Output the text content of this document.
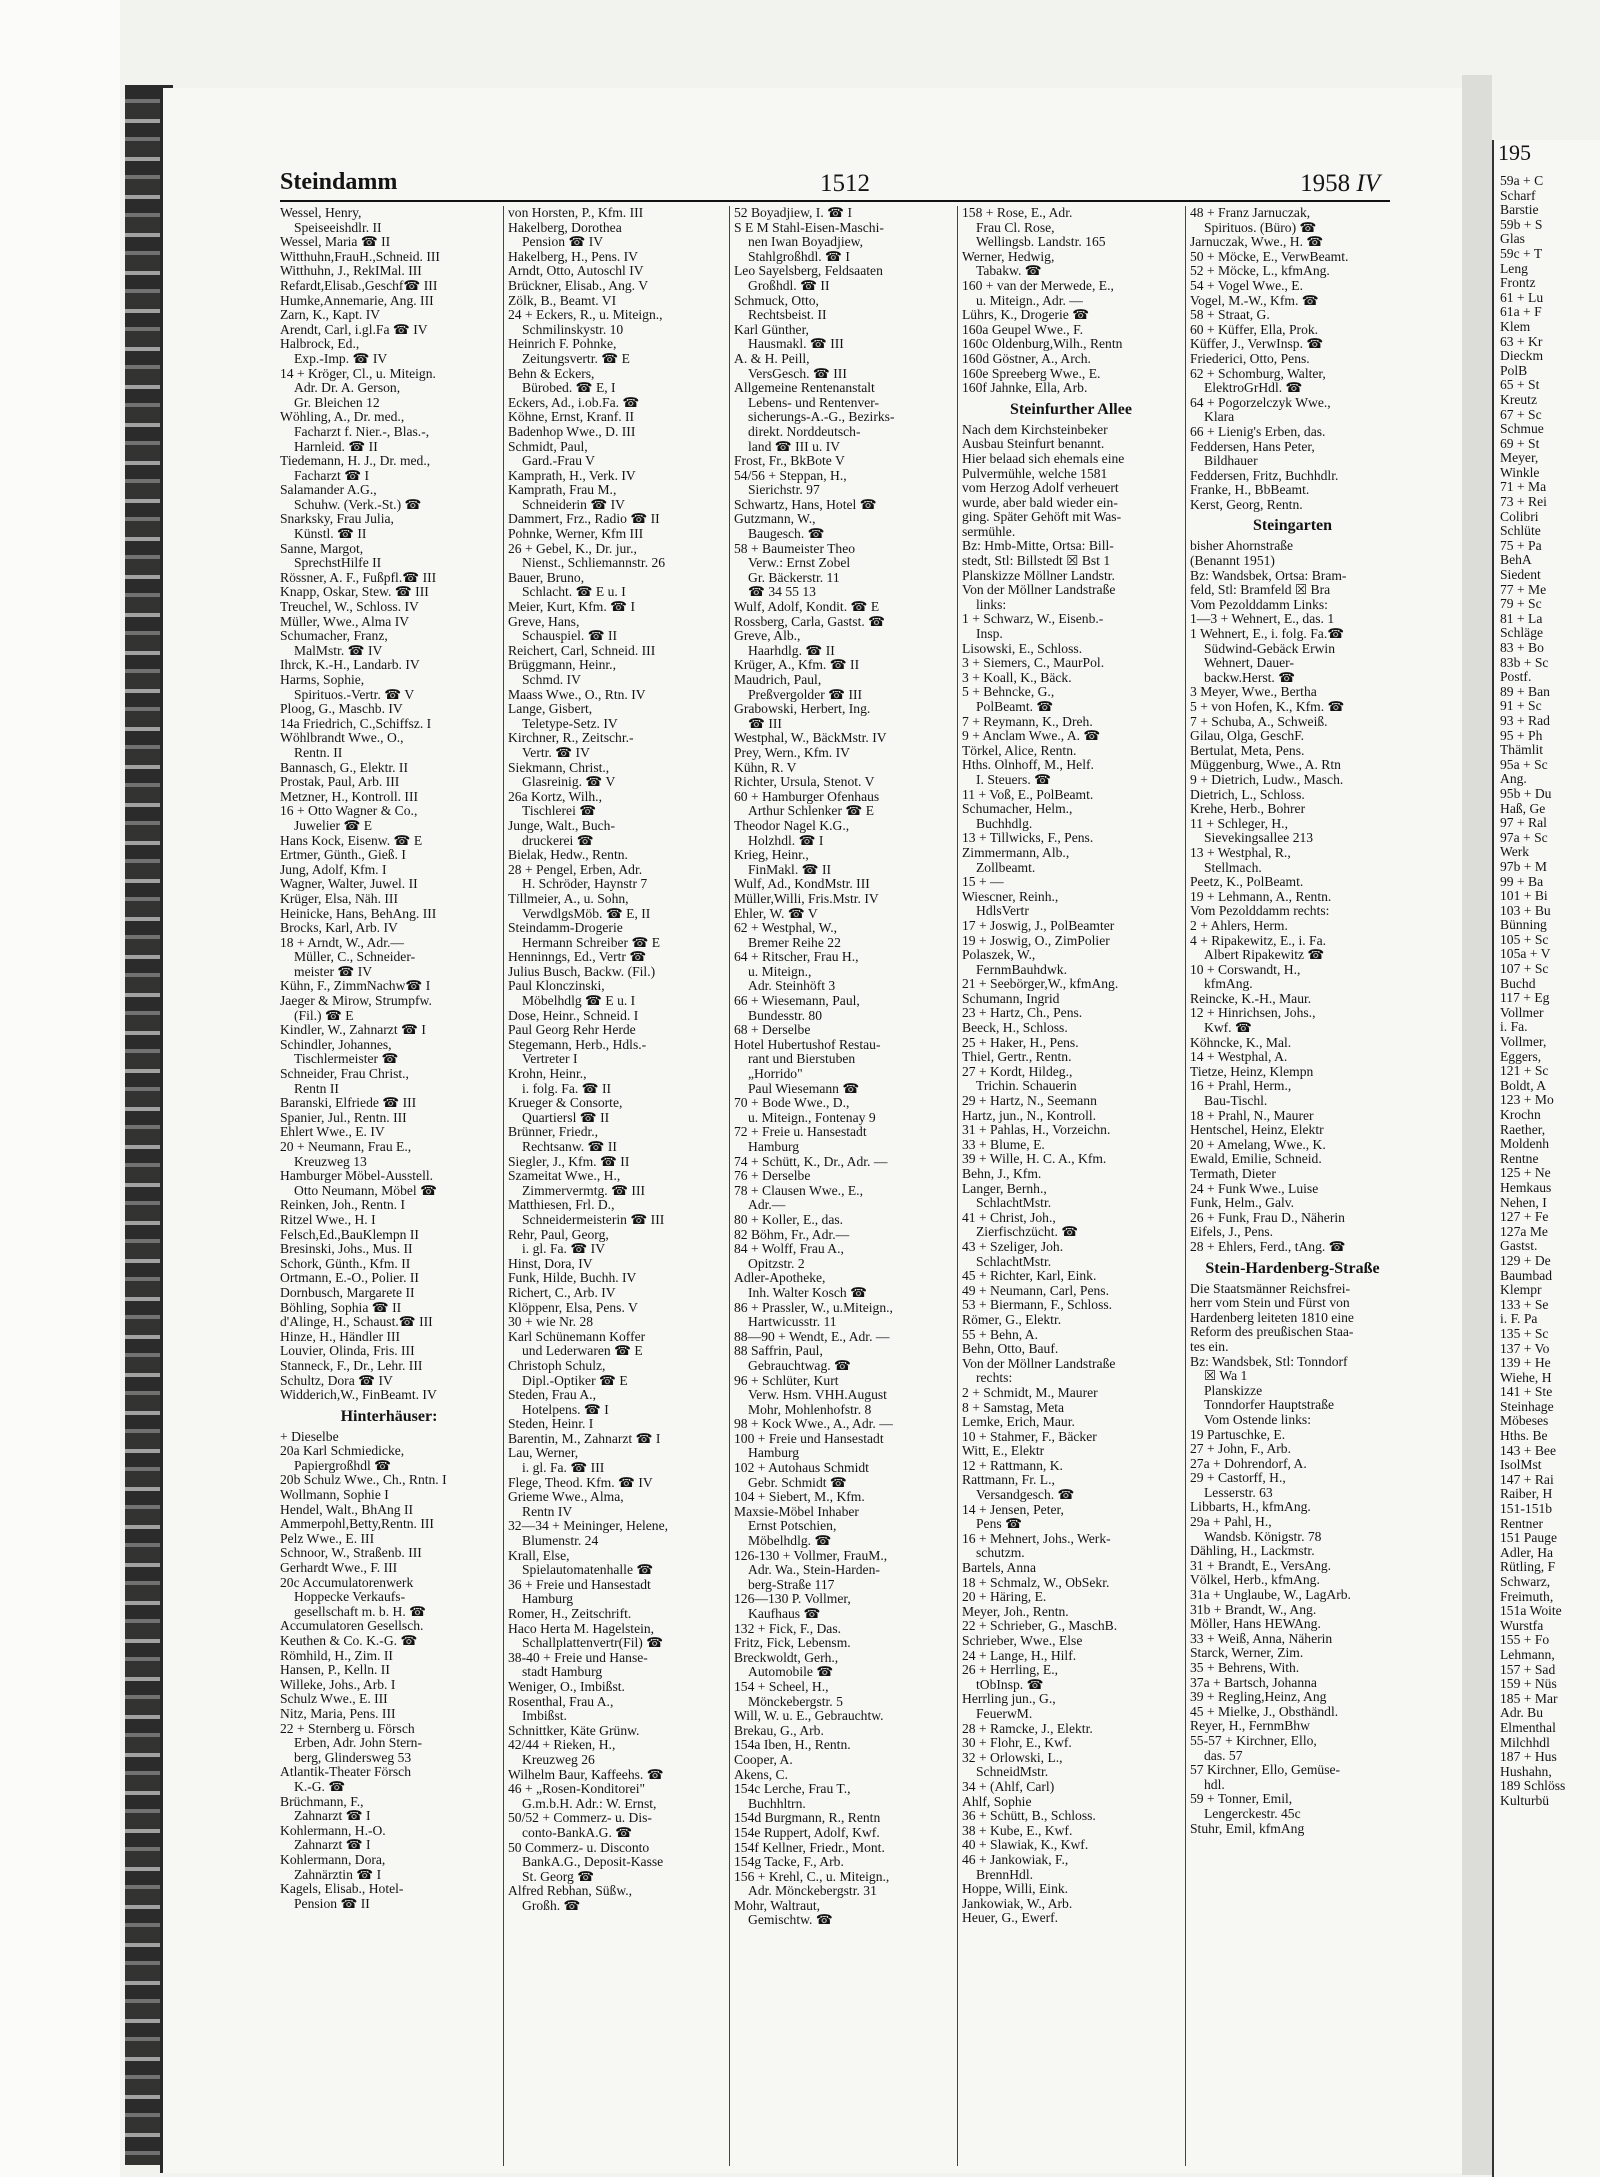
195
59a + C
Scharf
Barstie
59b + S
Glas
59c + T
Leng
Frontz
61 + Lu
61a + F
Klem
63 + Kr
Dieckm
PolB
65 + St
Kreutz
67 + Sc
Schmue
69 + St
Meyer,
Winkle
71 + Ma
73 + Rei
Colibri
Schlüte
75 + Pa
BehA
Siedent
77 + Me
79 + Sc
81 + La
Schläge
83 + Bo
83b + Sc
Postf.
89 + Ban
91 + Sc
93 + Rad
95 + Ph
Thämlit
95a + Sc
Ang.
95b + Du
Haß, Ge
97 + Ral
97a + Sc
Werk
97b + M
99 + Ba
101 + Bi
103 + Bu
Bünning
105 + Sc
105a + V
107 + Sc
Buchd
117 + Eg
Vollmer
i. Fa.
Vollmer,
Eggers,
121 + Sc
Boldt, A
123 + Mo
Krochn
Raether,
Moldenh
Rentne
125 + Ne
Hemkaus
Nehen, I
127 + Fe
127a Me
Gastst.
129 + De
Baumbad
Klempr
133 + Se
i. F. Pa
135 + Sc
137 + Vo
139 + He
Wiehe, H
141 + Ste
Steinhage
Möbeses
Hths. Be
143 + Bee
IsolMst
147 + Rai
Raiber, H
151-151b
Rentner
151 Pauge
Adler, Ha
Rütling, F
Schwarz,
Freimuth,
151a Woite
Wurstfa
155 + Fo
Lehmann,
157 + Sad
159 + Nüs
185 + Mar
Adr. Bu
Elmenthal
Milchhdl
187 + Hus
Hushahn,
189 Schlöss
Kulturbü
Steindamm	1512	1958 IV
Wessel, Henry,
Speiseeishdlr. II
Wessel, Maria ☎ II
Witthuhn,FrauH.,Schneid. III
Witthuhn, J., RekIMal. III
Refardt,Elisab.,Geschf☎ III
Humke,Annemarie, Ang. III
Zarn, K., Kapt. IV
Arendt, Carl, i.gl.Fa ☎ IV
Halbrock, Ed.,
Exp.-Imp. ☎ IV
14 + Kröger, Cl., u. Miteign.
Adr. Dr. A. Gerson,
Gr. Bleichen 12
Wöhling, A., Dr. med.,
Facharzt f. Nier.-, Blas.-,
Harnleid. ☎ II
Tiedemann, H. J., Dr. med.,
Facharzt ☎ I
Salamander A.G.,
Schuhw. (Verk.-St.) ☎
Snarksky, Frau Julia,
Künstl. ☎ II
Sanne, Margot,
SprechstHilfe II
Rössner, A. F., Fußpfl.☎ III
Knapp, Oskar, Stew. ☎ III
Treuchel, W., Schloss. IV
Müller, Wwe., Alma IV
Schumacher, Franz,
MalMstr. ☎ IV
Ihrck, K.-H., Landarb. IV
Harms, Sophie,
Spirituos.-Vertr. ☎ V
Ploog, G., Maschb. IV
14a Friedrich, C.,Schiffsz. I
Wöhlbrandt Wwe., O.,
Rentn. II
Bannasch, G., Elektr. II
Prostak, Paul, Arb. III
Metzner, H., Kontroll. III
16 + Otto Wagner & Co.,
Juwelier ☎ E
Hans Kock, Eisenw. ☎ E
Ertmer, Günth., Gieß. I
Jung, Adolf, Kfm. I
Wagner, Walter, Juwel. II
Krüger, Elsa, Näh. III
Heinicke, Hans, BehAng. III
Brocks, Karl, Arb. IV
18 + Arndt, W., Adr.—
Müller, C., Schneider-
meister ☎ IV
Kühn, F., ZimmNachw☎ I
Jaeger & Mirow, Strumpfw.
(Fil.) ☎ E
Kindler, W., Zahnarzt ☎ I
Schindler, Johannes,
Tischlermeister ☎
Schneider, Frau Christ.,
Rentn II
Baranski, Elfriede ☎ III
Spanier, Jul., Rentn. III
Ehlert Wwe., E. IV
20 + Neumann, Frau E.,
Kreuzweg 13
Hamburger Möbel-Ausstell.
Otto Neumann, Möbel ☎
Reinken, Joh., Rentn. I
Ritzel Wwe., H. I
Felsch,Ed.,BauKlempn II
Bresinski, Johs., Mus. II
Schork, Günth., Kfm. II
Ortmann, E.-O., Polier. II
Dornbusch, Margarete II
Böhling, Sophia ☎ II
d'Alinge, H., Schaust.☎ III
Hinze, H., Händler III
Louvier, Olinda, Fris. III
Stanneck, F., Dr., Lehr. III
Schultz, Dora ☎ IV
Widderich,W., FinBeamt. IV
Hinterhäuser:
+ Dieselbe
20a Karl Schmiedicke,
Papiergroßhdl ☎
20b Schulz Wwe., Ch., Rntn. I
Wollmann, Sophie I
Hendel, Walt., BhAng II
Ammerpohl,Betty,Rentn. III
Pelz Wwe., E. III
Schnoor, W., Straßenb. III
Gerhardt Wwe., F. III
20c Accumulatorenwerk
Hoppecke Verkaufs-
gesellschaft m. b. H. ☎
Accumulatoren Gesellsch.
Keuthen & Co. K.-G. ☎
Römhild, H., Zim. II
Hansen, P., Kelln. II
Willeke, Johs., Arb. I
Schulz Wwe., E. III
Nitz, Maria, Pens. III
22 + Sternberg u. Försch
Erben, Adr. John Stern-
berg, Glindersweg 53
Atlantik-Theater Försch
K.-G. ☎
Brüchmann, F.,
Zahnarzt ☎ I
Kohlermann, H.-O.
Zahnarzt ☎ I
Kohlermann, Dora,
Zahnärztin ☎ I
Kagels, Elisab., Hotel-
Pension ☎ II
von Horsten, P., Kfm. III
Hakelberg, Dorothea
Pension ☎ IV
Hakelberg, H., Pens. IV
Arndt, Otto, Autoschl IV
Brückner, Elisab., Ang. V
Zölk, B., Beamt. VI
24 + Eckers, R., u. Miteign.,
Schmilinskystr. 10
Heinrich F. Pohnke,
Zeitungsvertr. ☎ E
Behn & Eckers,
Bürobed. ☎ E, I
Eckers, Ad., i.ob.Fa. ☎
Köhne, Ernst, Kranf. II
Badenhop Wwe., D. III
Schmidt, Paul,
Gard.-Frau V
Kamprath, H., Verk. IV
Kamprath, Frau M.,
Schneiderin ☎ IV
Dammert, Frz., Radio ☎ II
Pohnke, Werner, Kfm III
26 + Gebel, K., Dr. jur.,
Nienst., Schliemannstr. 26
Bauer, Bruno,
Schlacht. ☎ E u. I
Meier, Kurt, Kfm. ☎ I
Greve, Hans,
Schauspiel. ☎ II
Reichert, Carl, Schneid. III
Brüggmann, Heinr.,
Schmd. IV
Maass Wwe., O., Rtn. IV
Lange, Gisbert,
Teletype-Setz. IV
Kirchner, R., Zeitschr.-
Vertr. ☎ IV
Siekmann, Christ.,
Glasreinig. ☎ V
26a Kortz, Wilh.,
Tischlerei ☎
Junge, Walt., Buch-
druckerei ☎
Bielak, Hedw., Rentn.
28 + Pengel, Erben, Adr.
H. Schröder, Haynstr 7
Tillmeier, A., u. Sohn,
VerwdlgsMöb. ☎ E, II
Steindamm-Drogerie
Hermann Schreiber ☎ E
Henninngs, Ed., Vertr ☎
Julius Busch, Backw. (Fil.)
Paul Klonczinski,
Möbelhdlg ☎ E u. I
Dose, Heinr., Schneid. I
Paul Georg Rehr Herde
Stegemann, Herb., Hdls.-
Vertreter I
Krohn, Heinr.,
i. folg. Fa. ☎ II
Krueger & Consorte,
Quartiersl ☎ II
Brünner, Friedr.,
Rechtsanw. ☎ II
Siegler, J., Kfm. ☎ II
Szameitat Wwe., H.,
Zimmervermtg. ☎ III
Matthiesen, Frl. D.,
Schneidermeisterin ☎ III
Rehr, Paul, Georg,
i. gl. Fa. ☎ IV
Hinst, Dora, IV
Funk, Hilde, Buchh. IV
Richert, C., Arb. IV
Klöppenr, Elsa, Pens. V
30 + wie Nr. 28
Karl Schünemann Koffer
und Lederwaren ☎ E
Christoph Schulz,
Dipl.-Optiker ☎ E
Steden, Frau A.,
Hotelpens. ☎ I
Steden, Heinr. I
Barentin, M., Zahnarzt ☎ I
Lau, Werner,
i. gl. Fa. ☎ III
Flege, Theod. Kfm. ☎ IV
Grieme Wwe., Alma,
Rentn IV
32—34 + Meininger, Helene,
Blumenstr. 24
Krall, Else,
Spielautomatenhalle ☎
36 + Freie und Hansestadt
Hamburg
Romer, H., Zeitschrift.
Haco Herta M. Hagelstein,
Schallplattenvertr(Fil) ☎
38-40 + Freie und Hanse-
stadt Hamburg
Weniger, O., Imbißst.
Rosenthal, Frau A.,
Imbißst.
Schnittker, Käte Grünw.
42/44 + Rieken, H.,
Kreuzweg 26
Wilhelm Baur, Kaffeehs. ☎
46 + „Rosen-Konditorei"
G.m.b.H. Adr.: W. Ernst,
50/52 + Commerz- u. Dis-
conto-BankA.G. ☎
50 Commerz- u. Disconto
BankA.G., Deposit-Kasse
St. Georg ☎
Alfred Rebhan, Süßw.,
Großh. ☎
52 Boyadjiew, I. ☎ I
S E M Stahl-Eisen-Maschi-
nen Iwan Boyadjiew,
Stahlgroßhdl. ☎ I
Leo Sayelsberg, Feldsaaten
Großhdl. ☎ II
Schmuck, Otto,
Rechtsbeist. II
Karl Günther,
Hausmakl. ☎ III
A. & H. Peill,
VersGesch. ☎ III
Allgemeine Rentenanstalt
Lebens- und Rentenver-
sicherungs-A.-G., Bezirks-
direkt. Norddeutsch-
land ☎ III u. IV
Frost, Fr., BkBote V
54/56 + Steppan, H.,
Sierichstr. 97
Schwartz, Hans, Hotel ☎
Gutzmann, W.,
Baugesch. ☎
58 + Baumeister Theo
Verw.: Ernst Zobel
Gr. Bäckerstr. 11
☎ 34 55 13
Wulf, Adolf, Kondit. ☎ E
Rossberg, Carla, Gastst. ☎
Greve, Alb.,
Haarhdlg. ☎ II
Krüger, A., Kfm. ☎ II
Maudrich, Paul,
Preßvergolder ☎ III
Grabowski, Herbert, Ing.
☎ III
Westphal, W., BäckMstr. IV
Prey, Wern., Kfm. IV
Kühn, R. V
Richter, Ursula, Stenot. V
60 + Hamburger Ofenhaus
Arthur Schlenker ☎ E
Theodor Nagel K.G.,
Holzhdl. ☎ I
Krieg, Heinr.,
FinMakl. ☎ II
Wulf, Ad., KondMstr. III
Müller,Willi, Fris.Mstr. IV
Ehler, W. ☎ V
62 + Westphal, W.,
Bremer Reihe 22
64 + Ritscher, Frau H.,
u. Miteign.,
Adr. Steinhöft 3
66 + Wiesemann, Paul,
Bundesstr. 80
68 + Derselbe
Hotel Hubertushof Restau-
rant und Bierstuben
„Horrido"
Paul Wiesemann ☎
70 + Bode Wwe., D.,
u. Miteign., Fontenay 9
72 + Freie u. Hansestadt
Hamburg
74 + Schütt, K., Dr., Adr. —
76 + Derselbe
78 + Clausen Wwe., E.,
Adr.—
80 + Koller, E., das.
82 Böhm, Fr., Adr.—
84 + Wolff, Frau A.,
Opitzstr. 2
Adler-Apotheke,
Inh. Walter Kosch ☎
86 + Prassler, W., u.Miteign.,
Hartwicusstr. 11
88—90 + Wendt, E., Adr. —
88 Saffrin, Paul,
Gebrauchtwag. ☎
96 + Schlüter, Kurt
Verw. Hsm. VHH.August
Mohr, Mohlenhofstr. 8
98 + Kock Wwe., A., Adr. —
100 + Freie und Hansestadt
Hamburg
102 + Autohaus Schmidt
Gebr. Schmidt ☎
104 + Siebert, M., Kfm.
Maxsie-Möbel Inhaber
Ernst Potschien,
Möbelhdlg. ☎
126-130 + Vollmer, FrauM.,
Adr. Wa., Stein-Harden-
berg-Straße 117
126—130 P. Vollmer,
Kaufhaus ☎
132 + Fick, F., Das.
Fritz, Fick, Lebensm.
Breckwoldt, Gerh.,
Automobile ☎
154 + Scheel, H.,
Mönckebergstr. 5
Will, W. u. E., Gebrauchtw.
Brekau, G., Arb.
154a Iben, H., Rentn.
Cooper, A.
Akens, C.
154c Lerche, Frau T.,
Buchhltrn.
154d Burgmann, R., Rentn
154e Ruppert, Adolf, Kwf.
154f Kellner, Friedr., Mont.
154g Tacke, F., Arb.
156 + Krehl, C., u. Miteign.,
Adr. Mönckebergstr. 31
Mohr, Waltraut,
Gemischtw. ☎
158 + Rose, E., Adr.
Frau Cl. Rose,
Wellingsb. Landstr. 165
Werner, Hedwig,
Tabakw. ☎
160 + van der Merwede, E.,
u. Miteign., Adr. —
Lührs, K., Drogerie ☎
160a Geupel Wwe., F.
160c Oldenburg,Wilh., Rentn
160d Göstner, A., Arch.
160e Spreeberg Wwe., E.
160f Jahnke, Ella, Arb.
Steinfurther Allee
Nach dem Kirchsteinbeker
Ausbau Steinfurt benannt.
Hier belaad sich ehemals eine
Pulvermühle, welche 1581
vom Herzog Adolf verheuert
wurde, aber bald wieder ein-
ging. Später Gehöft mit Was-
sermühle.
Bz: Hmb-Mitte, Ortsa: Bill-
stedt, Stl: Billstedt ☒ Bst 1
Planskizze Möllner Landstr.
Von der Möllner Landstraße
links:
1 + Schwarz, W., Eisenb.-
Insp.
Lisowski, E., Schloss.
3 + Siemers, C., MaurPol.
3 + Koall, K., Bäck.
5 + Behncke, G.,
PolBeamt. ☎
7 + Reymann, K., Dreh.
9 + Anclam Wwe., A. ☎
Törkel, Alice, Rentn.
Hths. Olnhoff, M., Helf.
I. Steuers. ☎
11 + Voß, E., PolBeamt.
Schumacher, Helm.,
Buchhdlg.
13 + Tillwicks, F., Pens.
Zimmermann, Alb.,
Zollbeamt.
15 + —
Wiescner, Reinh.,
HdlsVertr
17 + Joswig, J., PolBeamter
19 + Joswig, O., ZimPolier
Polaszek, W.,
FernmBauhdwk.
21 + Seebörger,W., kfmAng.
Schumann, Ingrid
23 + Hartz, Ch., Pens.
Beeck, H., Schloss.
25 + Haker, H., Pens.
Thiel, Gertr., Rentn.
27 + Kordt, Hildeg.,
Trichin. Schauerin
29 + Hartz, N., Seemann
Hartz, jun., N., Kontroll.
31 + Pahlas, H., Vorzeichn.
33 + Blume, E.
39 + Wille, H. C. A., Kfm.
Behn, J., Kfm.
Langer, Bernh.,
SchlachtMstr.
41 + Christ, Joh.,
Zierfischzücht. ☎
43 + Szeliger, Joh.
SchlachtMstr.
45 + Richter, Karl, Eink.
49 + Neumann, Carl, Pens.
53 + Biermann, F., Schloss.
Römer, G., Elektr.
55 + Behn, A.
Behn, Otto, Bauf.
Von der Möllner Landstraße
rechts:
2 + Schmidt, M., Maurer
8 + Samstag, Meta
Lemke, Erich, Maur.
10 + Stahmer, F., Bäcker
Witt, E., Elektr
12 + Rattmann, K.
Rattmann, Fr. L.,
Versandgesch. ☎
14 + Jensen, Peter,
Pens ☎
16 + Mehnert, Johs., Werk-
schutzm.
Bartels, Anna
18 + Schmalz, W., ObSekr.
20 + Häring, E.
Meyer, Joh., Rentn.
22 + Schrieber, G., MaschB.
Schrieber, Wwe., Else
24 + Lange, H., Hilf.
26 + Herrling, E.,
tObInsp. ☎
Herrling jun., G.,
FeuerwM.
28 + Ramcke, J., Elektr.
30 + Flohr, E., Kwf.
32 + Orlowski, L.,
SchneidMstr.
34 + (Ahlf, Carl)
Ahlf, Sophie
36 + Schütt, B., Schloss.
38 + Kube, E., Kwf.
40 + Slawiak, K., Kwf.
46 + Jankowiak, F.,
BrennHdl.
Hoppe, Willi, Eink.
Jankowiak, W., Arb.
Heuer, G., Ewerf.
48 + Franz Jarnuczak,
Spirituos. (Büro) ☎
Jarnuczak, Wwe., H. ☎
50 + Möcke, E., VerwBeamt.
52 + Möcke, L., kfmAng.
54 + Vogel Wwe., E.
Vogel, M.-W., Kfm. ☎
58 + Straat, G.
60 + Küffer, Ella, Prok.
Küffer, J., VerwInsp. ☎
Friederici, Otto, Pens.
62 + Schomburg, Walter,
ElektroGrHdl. ☎
64 + Pogorzelczyk Wwe.,
Klara
66 + Lienig's Erben, das.
Feddersen, Hans Peter,
Bildhauer
Feddersen, Fritz, Buchhdlr.
Franke, H., BbBeamt.
Kerst, Georg, Rentn.
Steingarten
bisher Ahornstraße
(Benannt 1951)
Bz: Wandsbek, Ortsa: Bram-
feld, Stl: Bramfeld ☒ Bra
Vom Pezolddamm Links:
1—3 + Wehnert, E., das. 1
1 Wehnert, E., i. folg. Fa.☎
Südwind-Gebäck Erwin
Wehnert, Dauer-
backw.Herst. ☎
3 Meyer, Wwe., Bertha
5 + von Hofen, K., Kfm. ☎
7 + Schuba, A., Schweiß.
Gilau, Olga, GeschF.
Bertulat, Meta, Pens.
Müggenburg, Wwe., A. Rtn
9 + Dietrich, Ludw., Masch.
Dietrich, L., Schloss.
Krehe, Herb., Bohrer
11 + Schleger, H.,
Sievekingsallee 213
13 + Westphal, R.,
Stellmach.
Peetz, K., PolBeamt.
19 + Lehmann, A., Rentn.
Vom Pezolddamm rechts:
2 + Ahlers, Herm.
4 + Ripakewitz, E., i. Fa.
Albert Ripakewitz ☎
10 + Corswandt, H.,
kfmAng.
Reincke, K.-H., Maur.
12 + Hinrichsen, Johs.,
Kwf. ☎
Köhncke, K., Mal.
14 + Westphal, A.
Tietze, Heinz, Klempn
16 + Prahl, Herm.,
Bau-Tischl.
18 + Prahl, N., Maurer
Hentschel, Heinz, Elektr
20 + Amelang, Wwe., K.
Ewald, Emilie, Schneid.
Termath, Dieter
24 + Funk Wwe., Luise
Funk, Helm., Galv.
26 + Funk, Frau D., Näherin
Eifels, J., Pens.
28 + Ehlers, Ferd., tAng. ☎
Stein-Hardenberg-Straße
Die Staatsmänner Reichsfrei-
herr vom Stein und Fürst von
Hardenberg leiteten 1810 eine
Reform des preußischen Staa-
tes ein.
Bz: Wandsbek, Stl: Tonndorf
☒ Wa 1
Planskizze
Tonndorfer Hauptstraße
Vom Ostende links:
19 Partuschke, E.
27 + John, F., Arb.
27a + Dohrendorf, A.
29 + Castorff, H.,
Lesserstr. 63
Libbarts, H., kfmAng.
29a + Pahl, H.,
Wandsb. Königstr. 78
Dähling, H., Lackmstr.
31 + Brandt, E., VersAng.
Völkel, Herb., kfmAng.
31a + Unglaube, W., LagArb.
31b + Brandt, W., Ang.
Möller, Hans HEWAng.
33 + Weiß, Anna, Näherin
Starck, Werner, Zim.
35 + Behrens, With.
37a + Bartsch, Johanna
39 + Regling,Heinz, Ang
45 + Mielke, J., Obsthändl.
Reyer, H., FernmBhw
55-57 + Kirchner, Ello,
das. 57
57 Kirchner, Ello, Gemüse-
hdl.
59 + Tonner, Emil,
Lengerckestr. 45c
Stuhr, Emil, kfmAng
